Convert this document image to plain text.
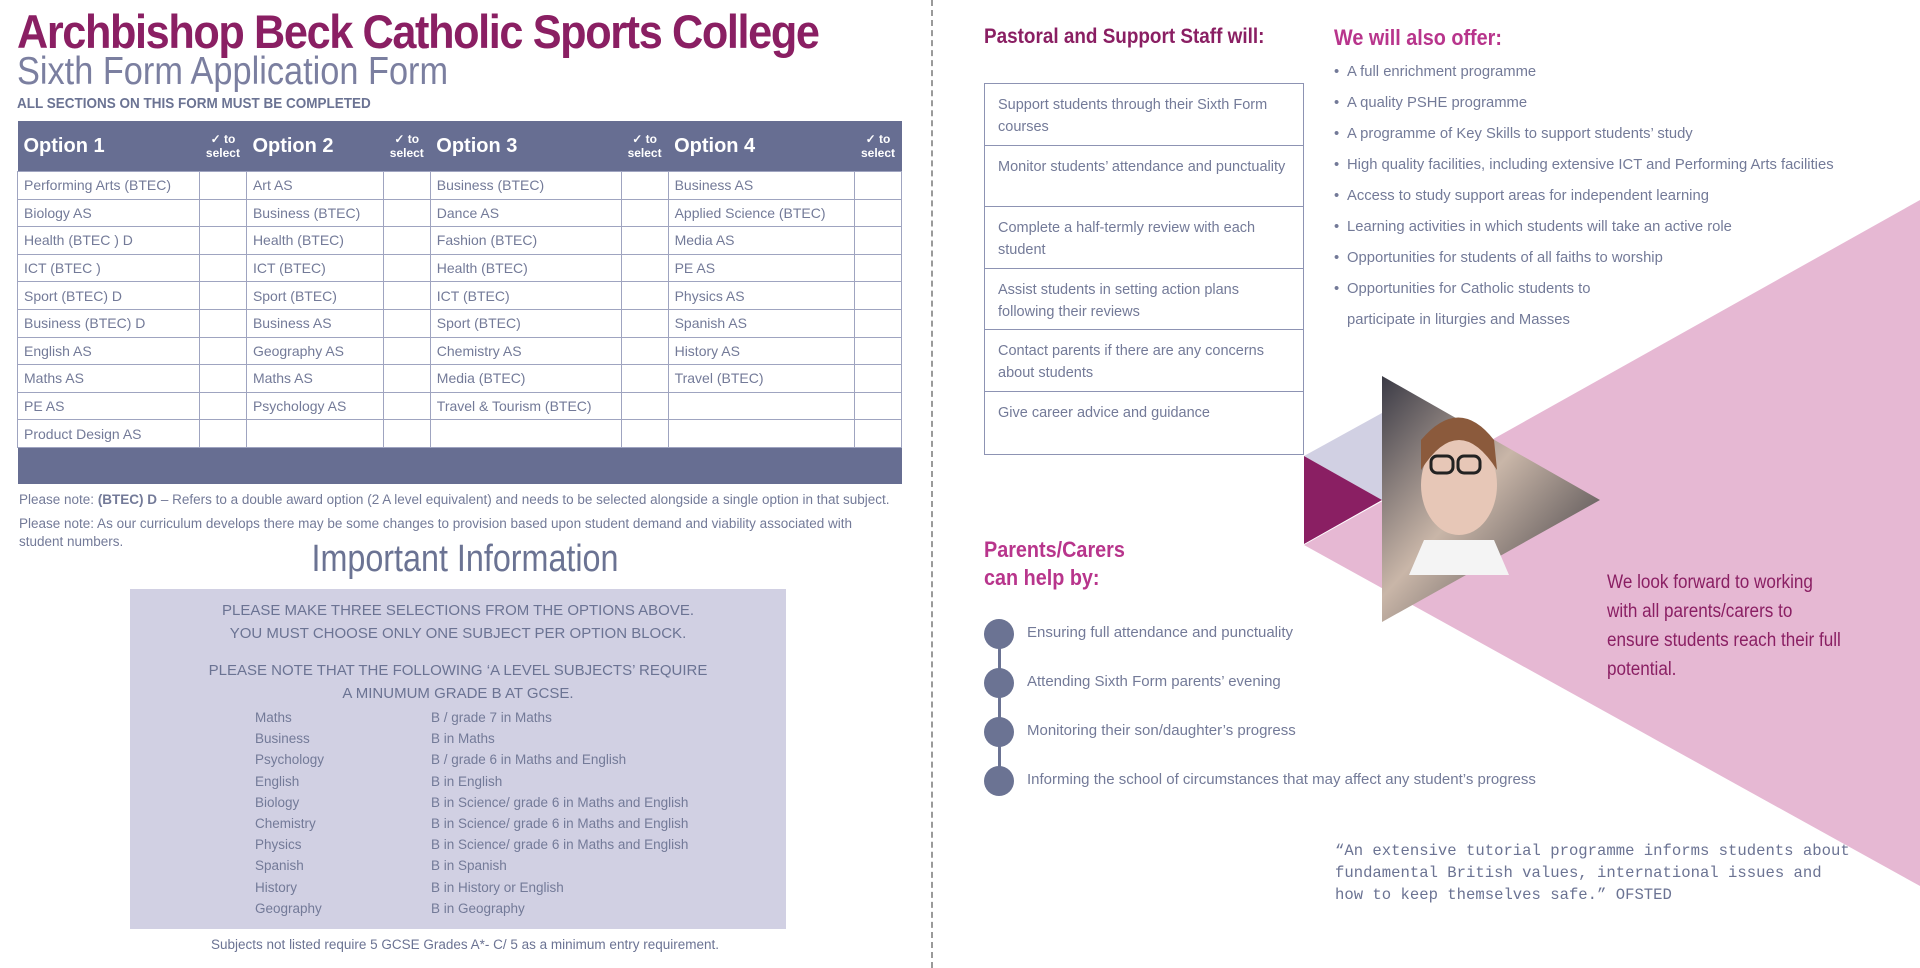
Archbishop Beck Catholic Sports College
Sixth Form Application Form
ALL SECTIONS ON THIS FORM MUST BE COMPLETED
Option 1	✓ to select	Option 2	✓ to select	Option 3	✓ to select	Option 4	✓ to select
Performing Arts (BTEC)		Art AS		Business (BTEC)		Business AS	
Biology AS		Business (BTEC)		Dance AS		Applied Science (BTEC)	
Health (BTEC ) D		Health (BTEC)		Fashion (BTEC)		Media AS	
ICT (BTEC )		ICT (BTEC)		Health (BTEC)		PE AS	
Sport (BTEC) D		Sport (BTEC)		ICT (BTEC)		Physics AS	
Business (BTEC) D		Business AS		Sport (BTEC)		Spanish AS	
English AS		Geography AS		Chemistry AS		History AS	
Maths AS		Maths AS		Media (BTEC)		Travel (BTEC)	
PE AS		Psychology AS		Travel & Tourism (BTEC)			
Product Design AS							

Please note: (BTEC) D – Refers to a double award option (2 A level equivalent) and needs to be selected alongside a single option in that subject.
Please note: As our curriculum develops there may be some changes to provision based upon student demand and viability associated with student numbers.	Important Information
PLEASE MAKE THREE SELECTIONS FROM THE OPTIONS ABOVE.
YOU MUST CHOOSE ONLY ONE SUBJECT PER OPTION BLOCK.
PLEASE NOTE THAT THE FOLLOWING ‘A LEVEL SUBJECTS’ REQUIRE
A MINUMUM GRADE B AT GCSE.
Maths	B / grade 7 in Maths
Business	B in Maths
Psychology	B / grade 6 in Maths and English
English	B in English
Biology	B in Science/ grade 6 in Maths and English
Chemistry	B in Science/ grade 6 in Maths and English
Physics	B in Science/ grade 6 in Maths and English
Spanish	B in Spanish
History	B in History or English
Geography	B in Geography
Subjects not listed require 5 GCSE Grades A*- C/ 5 as a minimum entry requirement.
Pastoral and Support Staff will:
Support students through their Sixth Form courses
Monitor students’ attendance and punctuality
Complete a half-termly review with each student
Assist students in setting action plans following their reviews
Contact parents if there are any concerns about students
Give career advice and guidance
We will also offer:
• A full enrichment programme
• A quality PSHE programme
• A programme of Key Skills to support students’ study
• High quality facilities, including extensive ICT and Performing Arts facilities
• Access to study support areas for independent learning
• Learning activities in which students will take an active role
• Opportunities for students of all faiths to worship
• Opportunities for Catholic students to
participate in liturgies and Masses
Parents/Carers
can help by:
Ensuring full attendance and punctuality
Attending Sixth Form parents’ evening
Monitoring their son/daughter’s progress
Informing the school of circumstances that may affect any student’s progress
We look forward to working with all parents/carers to ensure students reach their full potential.
“An extensive tutorial programme informs students about fundamental British values, international issues and how to keep themselves safe.” OFSTED
